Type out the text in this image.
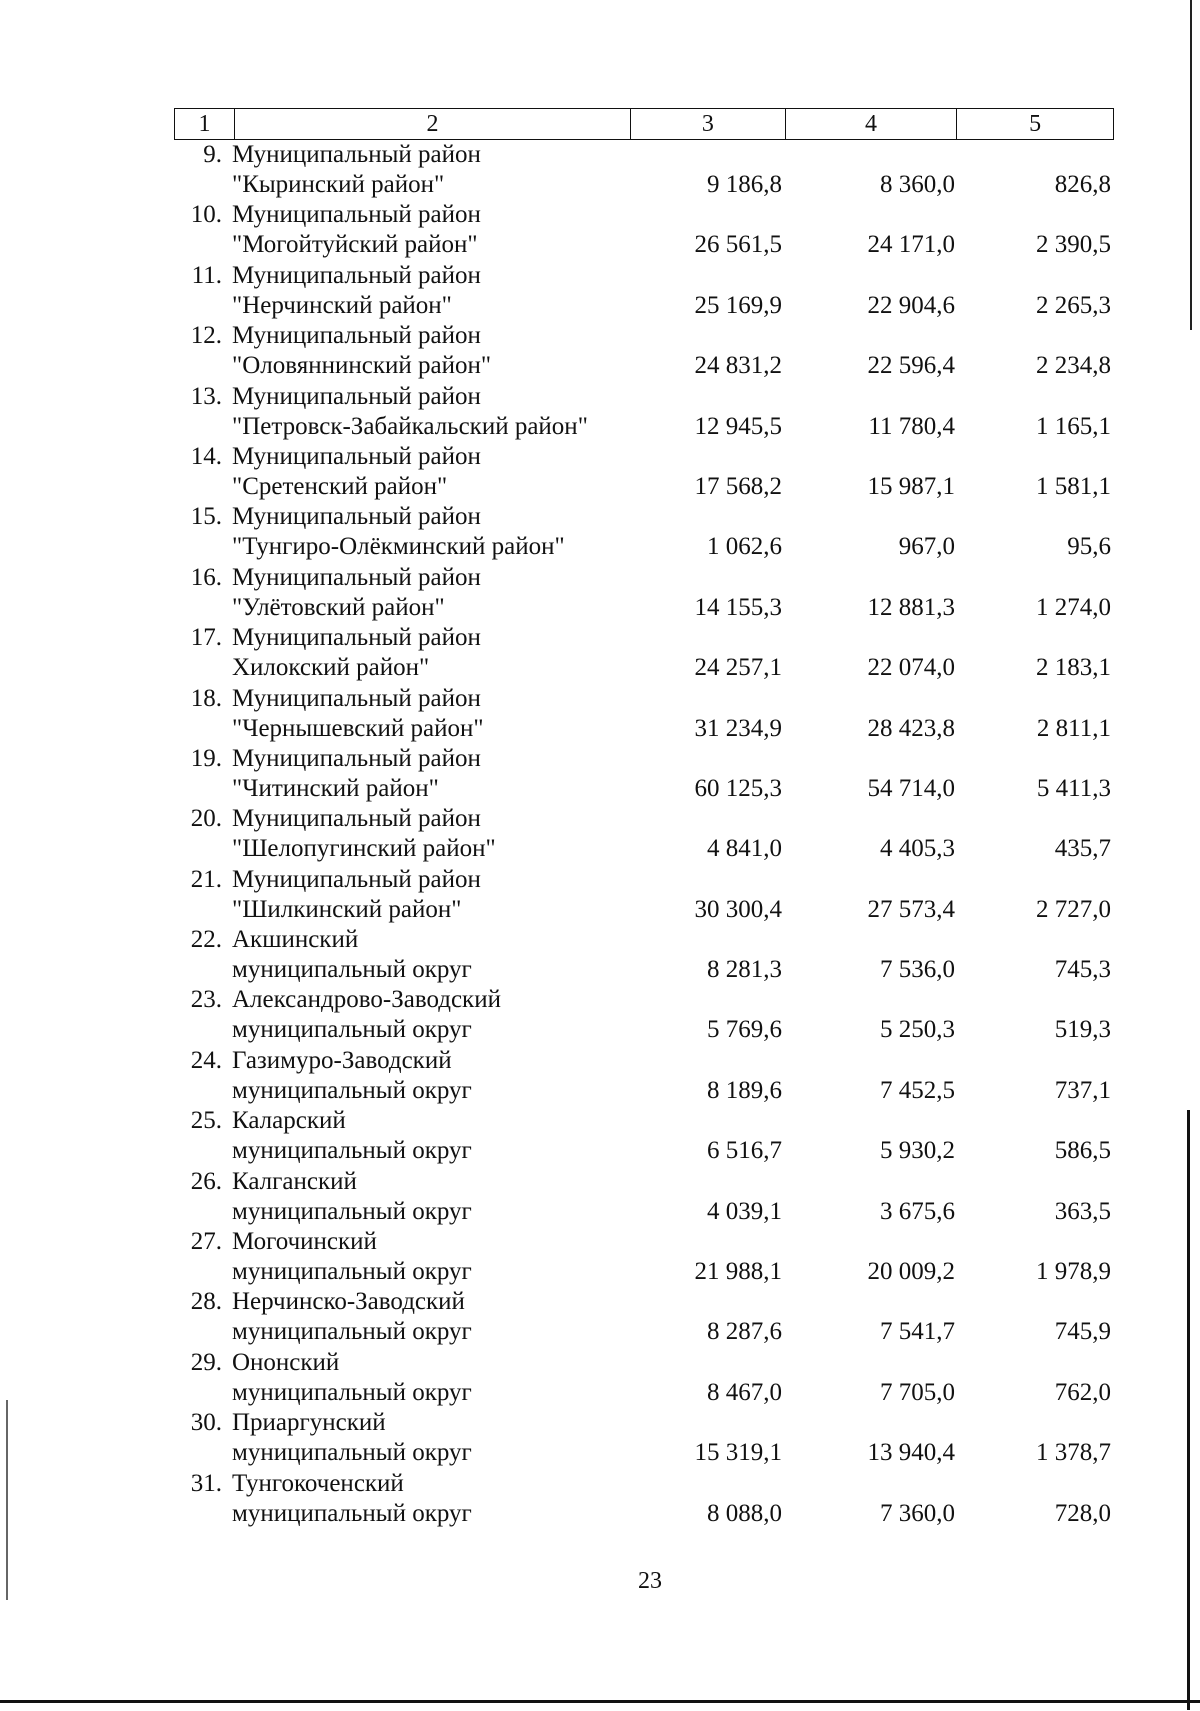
1	2	3	4	5
9. Муниципальный район
"Кыринский район"	9 186,8	8 360,0	826,8
10. Муниципальный район
"Могойтуйский район"	26 561,5	24 171,0	2 390,5
11. Муниципальный район
"Нерчинский район"	25 169,9	22 904,6	2 265,3
12. Муниципальный район
"Оловяннинский район"	24 831,2	22 596,4	2 234,8
13. Муниципальный район
"Петровск-Забайкальский район"	12 945,5	11 780,4	1 165,1
14. Муниципальный район
"Сретенский район"	17 568,2	15 987,1	1 581,1
15. Муниципальный район
"Тунгиро-Олёкминский район"	1 062,6	967,0	95,6
16. Муниципальный район
"Улётовский район"	14 155,3	12 881,3	1 274,0
17. Муниципальный район
Хилокский район"	24 257,1	22 074,0	2 183,1
18. Муниципальный район
"Чернышевский район"	31 234,9	28 423,8	2 811,1
19. Муниципальный район
"Читинский район"	60 125,3	54 714,0	5 411,3
20. Муниципальный район
"Шелопугинский район"	4 841,0	4 405,3	435,7
21. Муниципальный район
"Шилкинский район"	30 300,4	27 573,4	2 727,0
22. Акшинский
муниципальный округ	8 281,3	7 536,0	745,3
23. Александрово-Заводский
муниципальный округ	5 769,6	5 250,3	519,3
24. Газимуро-Заводский
муниципальный округ	8 189,6	7 452,5	737,1
25. Каларский
муниципальный округ	6 516,7	5 930,2	586,5
26. Калганский
муниципальный округ	4 039,1	3 675,6	363,5
27. Могочинский
муниципальный округ	21 988,1	20 009,2	1 978,9
28. Нерчинско-Заводский
муниципальный округ	8 287,6	7 541,7	745,9
29. Ононский
муниципальный округ	8 467,0	7 705,0	762,0
30. Приаргунский
муниципальный округ	15 319,1	13 940,4	1 378,7
31. Тунгокоченский
муниципальный округ	8 088,0	7 360,0	728,0
23
